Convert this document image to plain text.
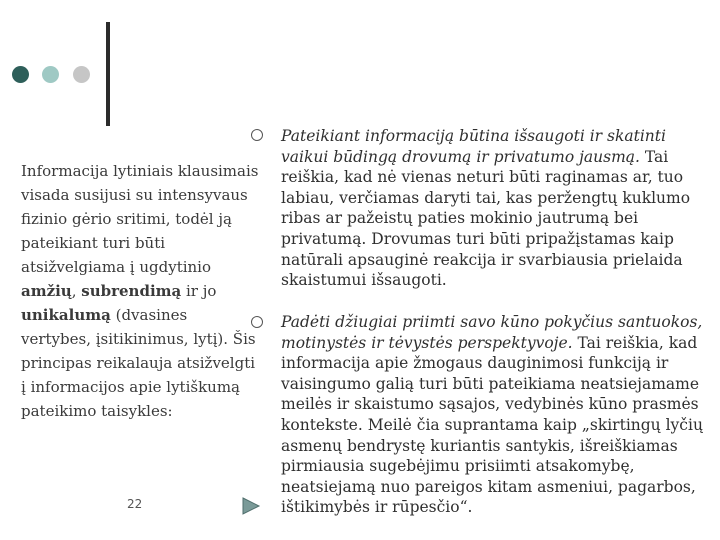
Informacija lytiniais klausimais visada susijusi su intensyvaus fizinio gėrio sritimi, todėl ją pateikiant turi būti atsižvelgiama į ugdytinio amžių, subrendimą ir jo unikalumą (dvasines vertybes, įsitikinimus, lytį). Šis principas reikalauja atsižvelgti į informacijos apie lytiškumą pateikimo taisykles:
22

Pateikiant informaciją būtina išsaugoti ir skatinti vaikui būdingą drovumą ir privatumo jausmą. Tai reiškia, kad nė vienas neturi būti raginamas ar, tuo labiau, verčiamas daryti tai, kas peržengtų kuklumo ribas ar pažeistų paties mokinio jautrumą bei privatumą. Drovumas turi būti pripažįstamas kaip natūrali apsauginė reakcija ir svarbiausia prielaida skaistumui išsaugoti.

Padėti džiugiai priimti savo kūno pokyčius santuokos, motinystės ir tėvystės perspektyvoje. Tai reiškia, kad informacija apie žmogaus dauginimosi funkciją ir vaisingumo galią turi būti pateikiama neatsiejamame meilės ir skaistumo sąsajos, vedybinės kūno prasmės kontekste. Meilė čia suprantama kaip „skirtingų lyčių asmenų bendrystę kuriantis santykis, išreiškiamas pirmiausia sugebėjimu prisiimti atsakomybę, neatsiejamą nuo pareigos kitam asmeniui, pagarbos, ištikimybės ir rūpesčio“.
